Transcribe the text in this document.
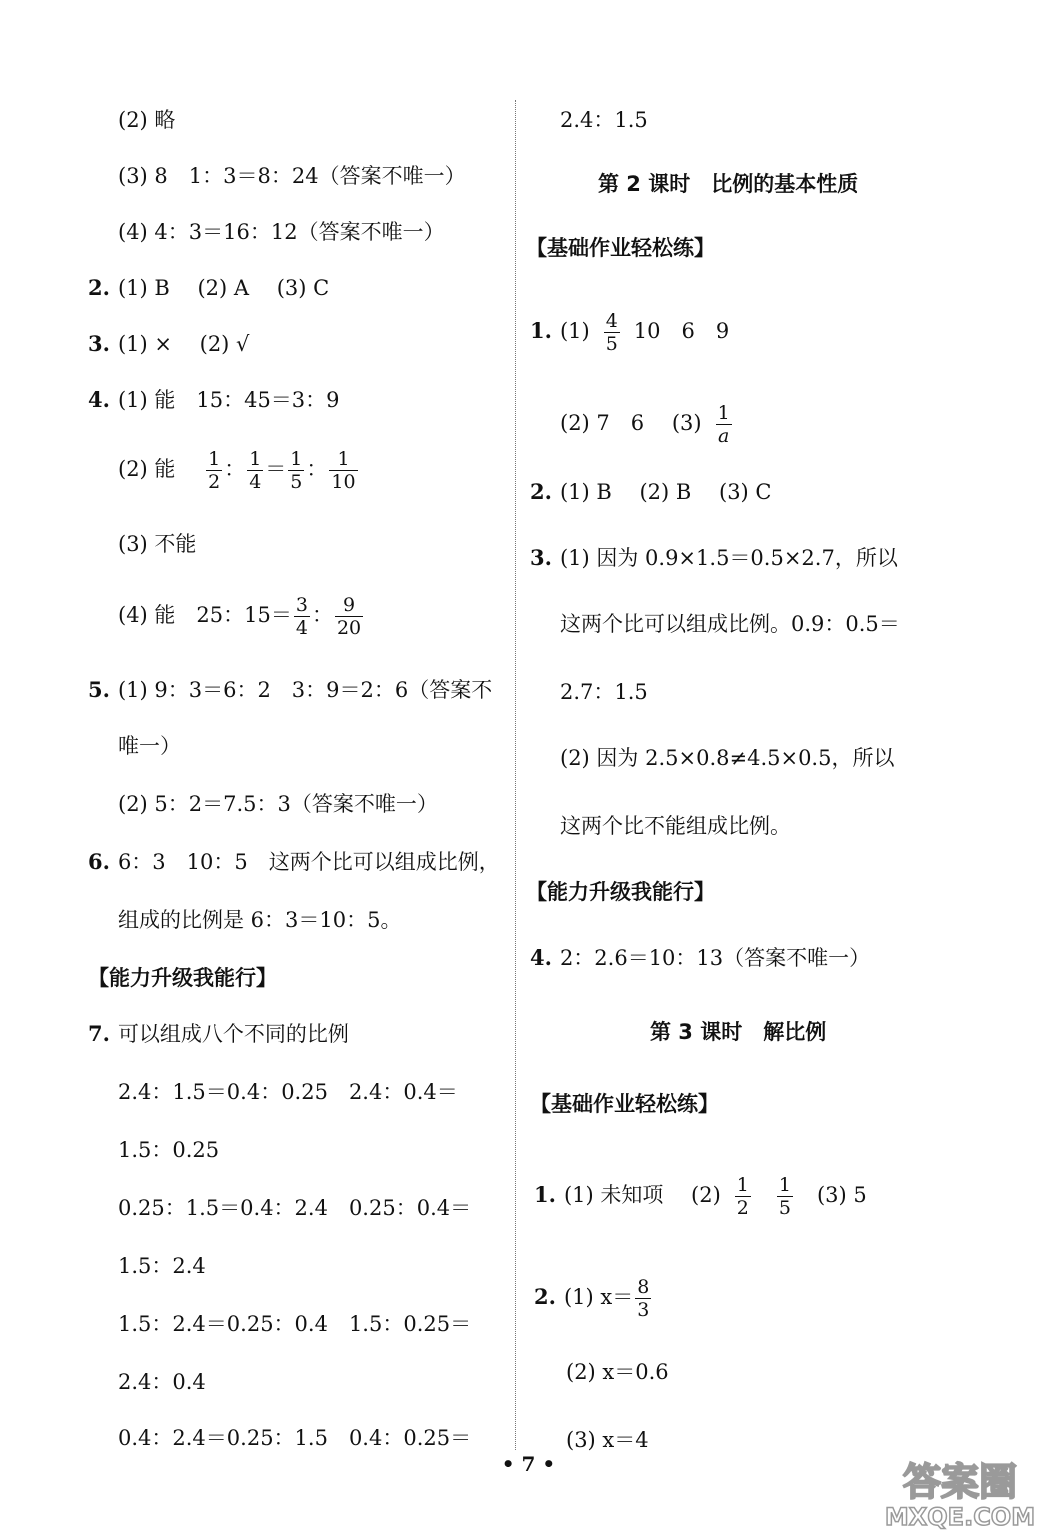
(2) 略
(3) 8　1：3＝8：24（答案不唯一）
(4) 4：3＝16：12（答案不唯一）
2. (1) B　 (2) A　 (3) C
3. (1) ×　 (2) √
4. (1) 能　15：45＝3：9
(2) 能 $\frac{1}{2}$ ： $\frac{1}{4} = \frac{1}{5}$ ： $\frac{1}{10}$
(3) 不能
(4) 能　25：$15= \frac{3}{4}$ ： $\frac{9}{20}$
5. (1) 9：3＝6：2　3：9＝2：6（答案不
唯一）
(2) 5：2＝7.5：3（答案不唯一）
6. 6：3　10：5　这两个比可以组成比例，
组成的比例是 6：3＝10：5。
【能力升级我能行】
7. 可以组成八个不同的比例
2.4：1.5＝0.4：0.25　2.4：0.4＝
1.5：0.25
0.25：1.5＝0.4：2.4　0.25：0.4＝
1.5：2.4
1.5：2.4＝0.25：0.4　1.5：0.25＝
2.4：0.4
0.4：2.4＝0.25：1.5　0.4：0.25＝
2.4：1.5
第 2 课时　比例的基本性质
【基础作业轻松练】
1. $(1) \frac{4}{5} 10$　6　9
(2) 7　6　 $(3) \frac{1}{a}$
2. (1) B　 (2) B　 (3) C
3. (1) 因为 0.9×1.5＝0.5×2.7，所以
这两个比可以组成比例。0.9：0.5＝
2.7：1.5
(2) 因为 2.5×0.8≠4.5×0.5，所以
这两个比不能组成比例。
【能力升级我能行】
4. 2：2.6＝10：13（答案不唯一）
第 3 课时　解比例
【基础作业轻松练】
1. (1) 未知项　 $(2) \frac{1}{2} \frac{1}{5} (3)$ 5
2. (1) $x= \frac{8}{3}$
(2) x＝0.6
(3) x＝4
• 7 •	答案圈
MXQE.COM
